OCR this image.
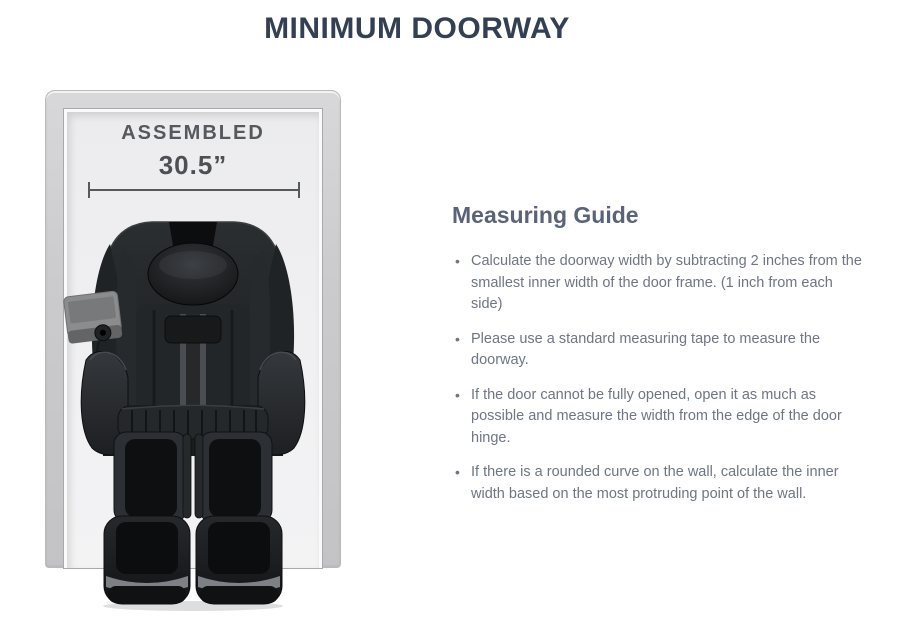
MINIMUM DOORWAY
ASSEMBLED
30.5”
Measuring Guide
• Calculate the doorway width by subtracting 2 inches from the smallest inner width of the door frame. (1 inch from each side)
• Please use a standard measuring tape to measure the doorway.
• If the door cannot be fully opened, open it as much as possible and measure the width from the edge of the door hinge.
• If there is a rounded curve on the wall, calculate the inner width based on the most protruding point of the wall.
